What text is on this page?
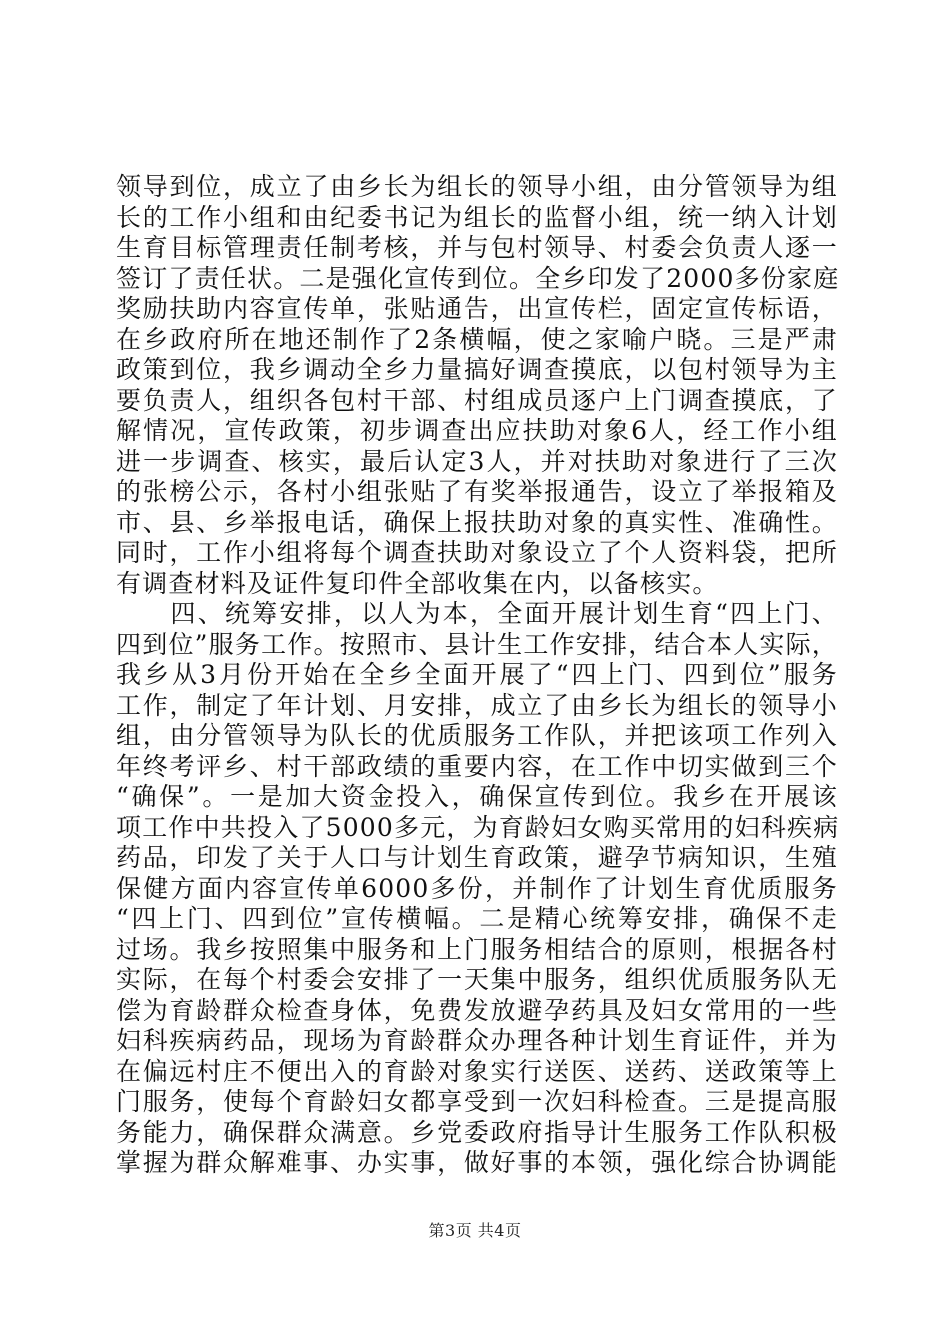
领导到位，成立了由乡长为组长的领导小组，由分管领导为组
长的工作小组和由纪委书记为组长的监督小组，统一纳入计划
生育目标管理责任制考核，并与包村领导、村委会负责人逐一
签订了责任状。二是强化宣传到位。全乡印发了2000多份家庭
奖励扶助内容宣传单，张贴通告，出宣传栏，固定宣传标语，
在乡政府所在地还制作了2条横幅，使之家喻户晓。三是严肃
政策到位，我乡调动全乡力量搞好调查摸底，以包村领导为主
要负责人，组织各包村干部、村组成员逐户上门调查摸底，了
解情况，宣传政策，初步调查出应扶助对象6人，经工作小组
进一步调查、核实，最后认定3人，并对扶助对象进行了三次
的张榜公示，各村小组张贴了有奖举报通告，设立了举报箱及
市、县、乡举报电话，确保上报扶助对象的真实性、准确性。
同时，工作小组将每个调查扶助对象设立了个人资料袋，把所
有调查材料及证件复印件全部收集在内，以备核实。
　　四、统筹安排，以人为本，全面开展计划生育“四上门、
四到位”服务工作。按照市、县计生工作安排，结合本人实际，
我乡从3月份开始在全乡全面开展了“四上门、四到位”服务
工作，制定了年计划、月安排，成立了由乡长为组长的领导小
组，由分管领导为队长的优质服务工作队，并把该项工作列入
年终考评乡、村干部政绩的重要内容，在工作中切实做到三个
“确保”。一是加大资金投入，确保宣传到位。我乡在开展该
项工作中共投入了5000多元，为育龄妇女购买常用的妇科疾病
药品，印发了关于人口与计划生育政策，避孕节病知识，生殖
保健方面内容宣传单6000多份，并制作了计划生育优质服务
“四上门、四到位”宣传横幅。二是精心统筹安排，确保不走
过场。我乡按照集中服务和上门服务相结合的原则，根据各村
实际，在每个村委会安排了一天集中服务，组织优质服务队无
偿为育龄群众检查身体，免费发放避孕药具及妇女常用的一些
妇科疾病药品，现场为育龄群众办理各种计划生育证件，并为
在偏远村庄不便出入的育龄对象实行送医、送药、送政策等上
门服务，使每个育龄妇女都享受到一次妇科检查。三是提高服
务能力，确保群众满意。乡党委政府指导计生服务工作队积极
掌握为群众解难事、办实事，做好事的本领，强化综合协调能
第3页 共4页
